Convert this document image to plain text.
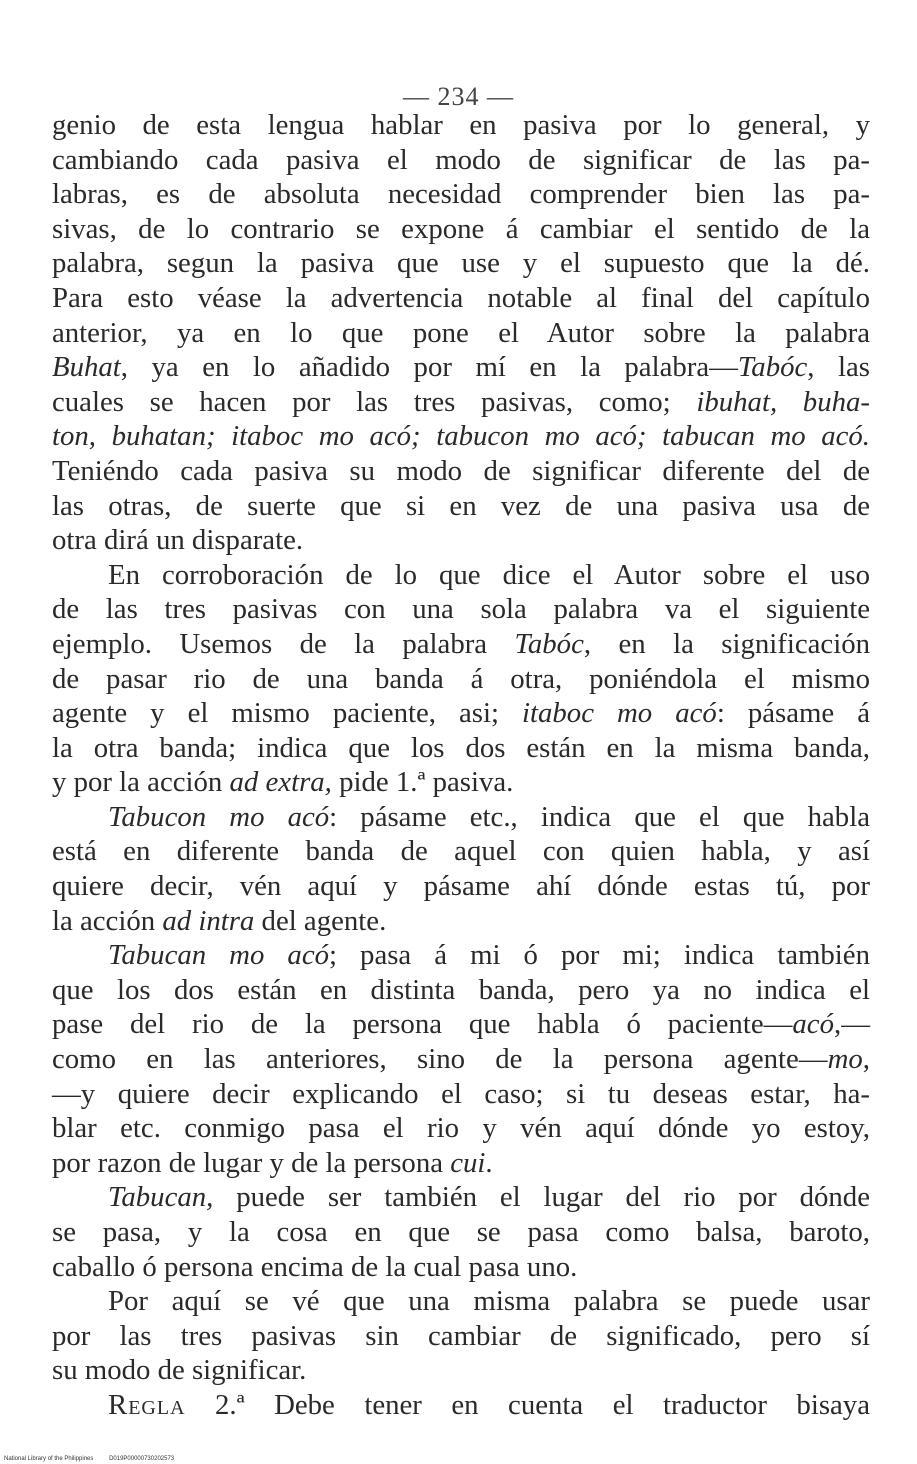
— 234 —
genio de esta lengua hablar en pasiva por lo general, y
cambiando cada pasiva el modo de significar de las pa-
labras, es de absoluta necesidad comprender bien las pa-
sivas, de lo contrario se expone á cambiar el sentido de la
palabra, segun la pasiva que use y el supuesto que la dé.
Para esto véase la advertencia notable al final del capítulo
anterior, ya en lo que pone el Autor sobre la palabra
Buhat, ya en lo añadido por mí en la palabra—Tabóc, las
cuales se hacen por las tres pasivas, como; ibuhat, buha-
ton, buhatan; itaboc mo acó; tabucon mo acó; tabucan mo acó.
Teniéndo cada pasiva su modo de significar diferente del de
las otras, de suerte que si en vez de una pasiva usa de
otra dirá un disparate.
En corroboración de lo que dice el Autor sobre el uso
de las tres pasivas con una sola palabra va el siguiente
ejemplo. Usemos de la palabra Tabóc, en la significación
de pasar rio de una banda á otra, poniéndola el mismo
agente y el mismo paciente, asi; itaboc mo acó: pásame á
la otra banda; indica que los dos están en la misma banda,
y por la acción ad extra, pide 1.ª pasiva.
Tabucon mo acó: pásame etc., indica que el que habla
está en diferente banda de aquel con quien habla, y así
quiere decir, vén aquí y pásame ahí dónde estas tú, por
la acción ad intra del agente.
Tabucan mo acó; pasa á mi ó por mi; indica también
que los dos están en distinta banda, pero ya no indica el
pase del rio de la persona que habla ó paciente—acó,—
como en las anteriores, sino de la persona agente—mo,
—y quiere decir explicando el caso; si tu deseas estar, ha-
blar etc. conmigo pasa el rio y vén aquí dónde yo estoy,
por razon de lugar y de la persona cui.
Tabucan, puede ser también el lugar del rio por dónde
se pasa, y la cosa en que se pasa como balsa, baroto,
caballo ó persona encima de la cual pasa uno.
Por aquí se vé que una misma palabra se puede usar
por las tres pasivas sin cambiar de significado, pero sí
su modo de significar.
Regla 2.ª Debe tener en cuenta el traductor bisaya
National Library of the Philippines	D019P00000730202573
